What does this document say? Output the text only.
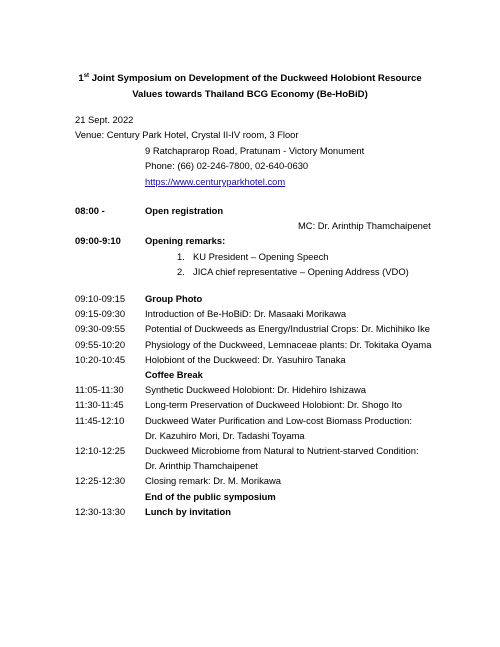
1st Joint Symposium on Development of the Duckweed Holobiont Resource
Values towards Thailand BCG Economy (Be-HoBiD)
21 Sept. 2022
Venue: Century Park Hotel, Crystal II-IV room, 3 Floor
9 Ratchaprarop Road, Pratunam - Victory Monument
Phone: (66) 02-246-7800, 02-640-0630
https://www.centuryparkhotel.com
08:00 -	Open registration
MC: Dr. Arinthip Thamchaipenet
09:00-9:10	Opening remarks:
1. KU President – Opening Speech
2. JICA chief representative – Opening Address (VDO)
09:10-09:15 Group Photo
09:15-09:30 Introduction of Be-HoBiD: Dr. Masaaki Morikawa
09:30-09:55 Potential of Duckweeds as Energy/Industrial Crops: Dr. Michihiko Ike
09:55-10:20 Physiology of the Duckweed, Lemnaceae plants: Dr. Tokitaka Oyama
10:20-10:45 Holobiont of the Duckweed: Dr. Yasuhiro Tanaka
Coffee Break
11:05-11:30 Synthetic Duckweed Holobiont: Dr. Hidehiro Ishizawa
11:30-11:45 Long-term Preservation of Duckweed Holobiont: Dr. Shogo Ito
11:45-12:10 Duckweed Water Purification and Low-cost Biomass Production:
Dr. Kazuhiro Mori, Dr. Tadashi Toyama
12:10-12:25 Duckweed Microbiome from Natural to Nutrient-starved Condition:
Dr. Arinthip Thamchaipenet
12:25-12:30 Closing remark: Dr. M. Morikawa
End of the public symposium
12:30-13:30 Lunch by invitation
